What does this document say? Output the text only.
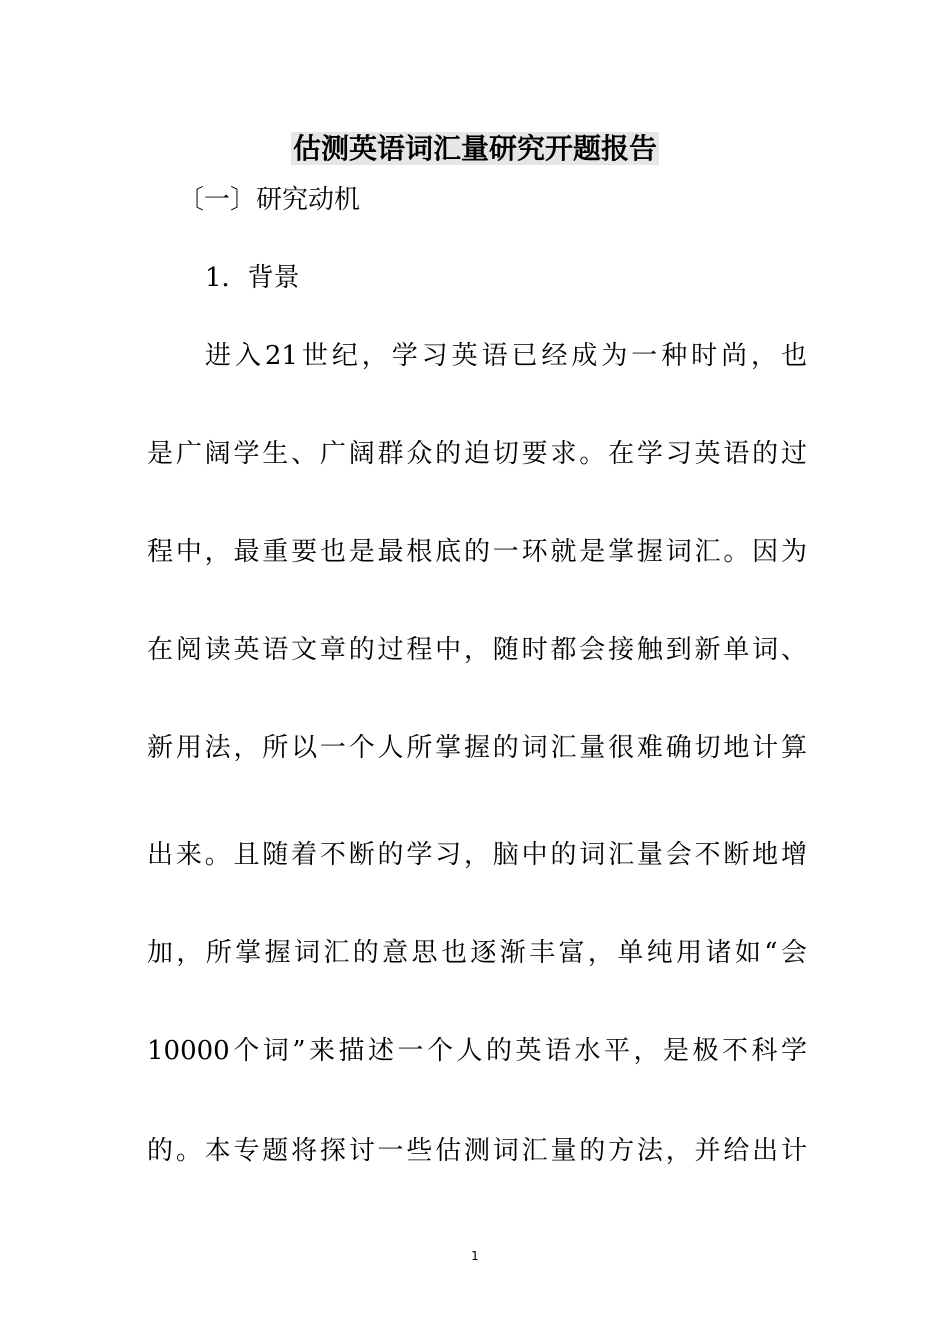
估测英语词汇量研究开题报告
〔一〕研究动机
1．背景
进入21世纪，学习英语已经成为一种时尚，也
是广阔学生、广阔群众的迫切要求。在学习英语的过
程中，最重要也是最根底的一环就是掌握词汇。因为
在阅读英语文章的过程中，随时都会接触到新单词、
新用法，所以一个人所掌握的词汇量很难确切地计算
出来。且随着不断的学习，脑中的词汇量会不断地增
加，所掌握词汇的意思也逐渐丰富，单纯用诸如“会
10000个词”来描述一个人的英语水平，是极不科学
的。本专题将探讨一些估测词汇量的方法，并给出计
1
